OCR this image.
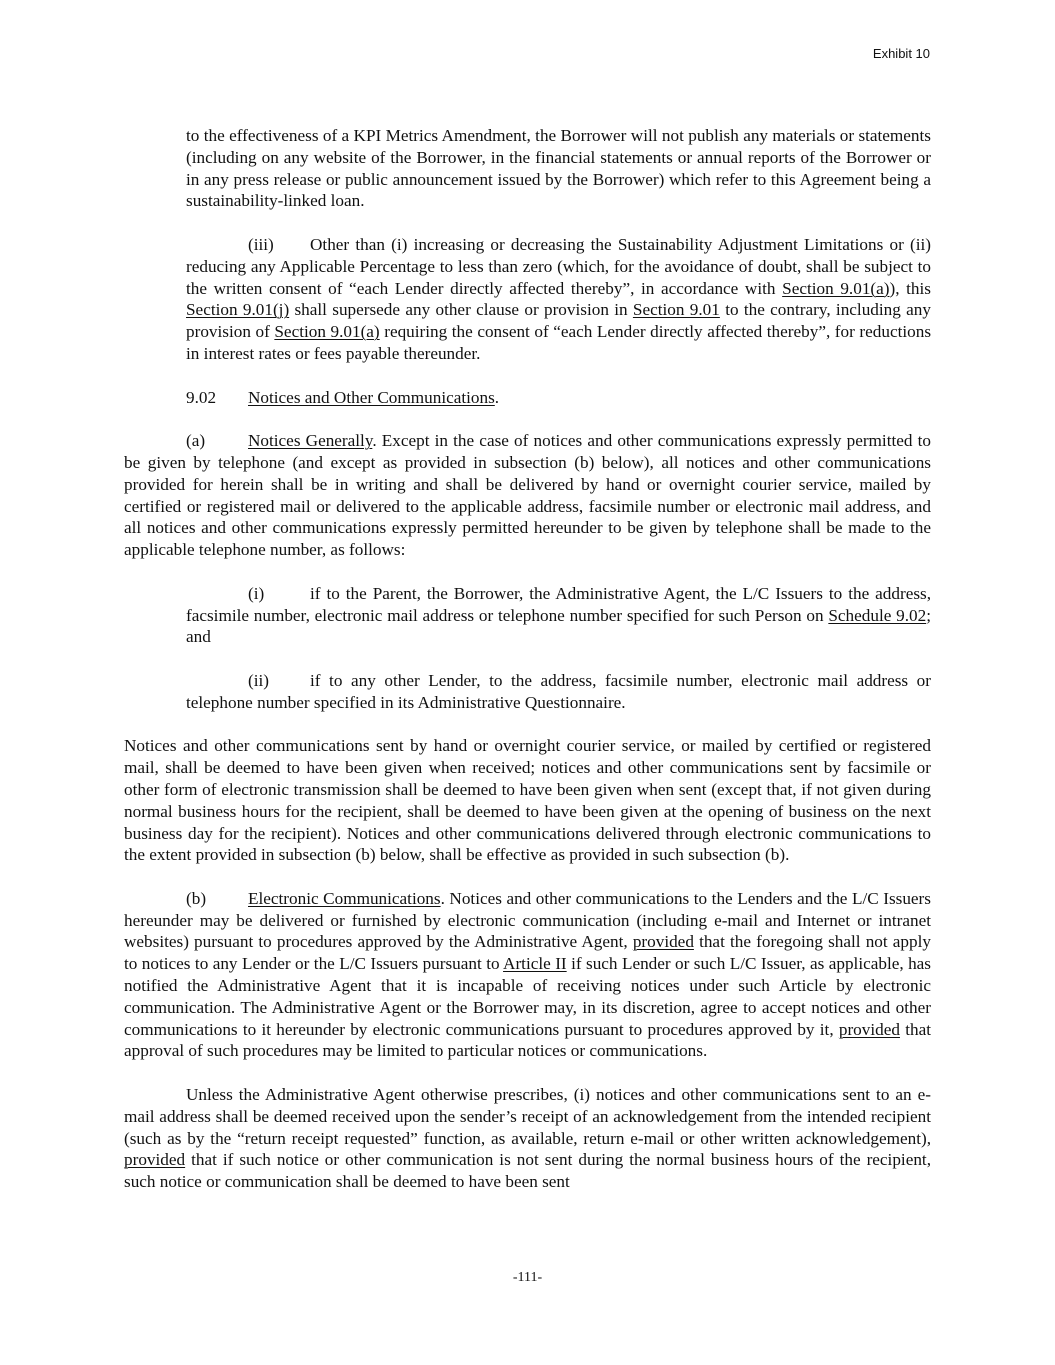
Exhibit 10

to the effectiveness of a KPI Metrics Amendment, the Borrower will not publish any materials or statements (including on any website of the Borrower, in the financial statements or annual reports of the Borrower or in any press release or public announcement issued by the Borrower) which refer to this Agreement being a sustainability-linked loan.

(iii) Other than (i) increasing or decreasing the Sustainability Adjustment Limitations or (ii) reducing any Applicable Percentage to less than zero (which, for the avoidance of doubt, shall be subject to the written consent of “each Lender directly affected thereby”, in accordance with Section 9.01(a)), this Section 9.01(j) shall supersede any other clause or provision in Section 9.01 to the contrary, including any provision of Section 9.01(a) requiring the consent of “each Lender directly affected thereby”, for reductions in interest rates or fees payable thereunder.

9.02 Notices and Other Communications.

(a) Notices Generally. Except in the case of notices and other communications expressly permitted to be given by telephone (and except as provided in subsection (b) below), all notices and other communications provided for herein shall be in writing and shall be delivered by hand or overnight courier service, mailed by certified or registered mail or delivered to the applicable address, facsimile number or electronic mail address, and all notices and other communications expressly permitted hereunder to be given by telephone shall be made to the applicable telephone number, as follows:

(i)	if to the Parent, the Borrower, the Administrative Agent, the L/C Issuers to the address, facsimile number, electronic mail address or telephone number specified for such Person on Schedule 9.02; and

(ii) if to any other Lender, to the address, facsimile number, electronic mail address or telephone number specified in its Administrative Questionnaire.

Notices and other communications sent by hand or overnight courier service, or mailed by certified or registered mail, shall be deemed to have been given when received; notices and other communications sent by facsimile or other form of electronic transmission shall be deemed to have been given when sent (except that, if not given during normal business hours for the recipient, shall be deemed to have been given at the opening of business on the next business day for the recipient). Notices and other communications delivered through electronic communications to the extent provided in subsection (b) below, shall be effective as provided in such subsection (b).

(b) Electronic Communications. Notices and other communications to the Lenders and the L/C Issuers hereunder may be delivered or furnished by electronic communication (including e-mail and Internet or intranet websites) pursuant to procedures approved by the Administrative Agent, provided that the foregoing shall not apply to notices to any Lender or the L/C Issuers pursuant to Article II if such Lender or such L/C Issuer, as applicable, has notified the Administrative Agent that it is incapable of receiving notices under such Article by electronic communication. The Administrative Agent or the Borrower may, in its discretion, agree to accept notices and other communications to it hereunder by electronic communications pursuant to procedures approved by it, provided that approval of such procedures may be limited to particular notices or communications.

Unless the Administrative Agent otherwise prescribes, (i) notices and other communications sent to an e-mail address shall be deemed received upon the sender’s receipt of an acknowledgement from the intended recipient (such as by the “return receipt requested” function, as available, return e-mail or other written acknowledgement), provided that if such notice or other communication is not sent during the normal business hours of the recipient, such notice or communication shall be deemed to have been sent

-111-
